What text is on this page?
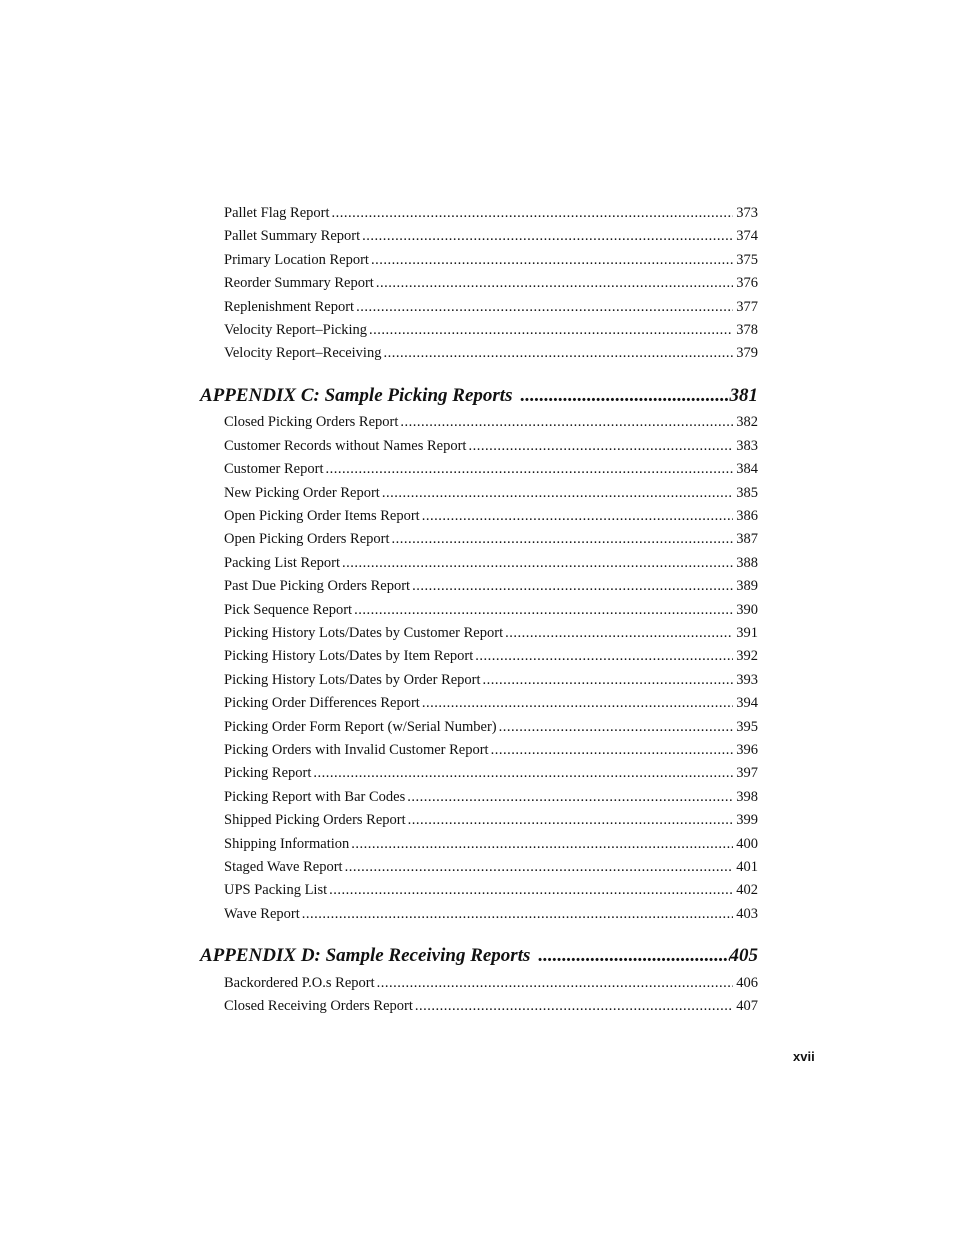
Pallet Flag Report .....	373
Pallet Summary Report .....	374
Primary Location Report .....	375
Reorder Summary Report .....	376
Replenishment Report .....	377
Velocity Report–Picking .....	378
Velocity Report–Receiving .....	379
APPENDIX C: Sample Picking Reports .....	381
Closed Picking Orders Report .....	382
Customer Records without Names Report .....	383
Customer Report .....	384
New Picking Order Report .....	385
Open Picking Order Items Report .....	386
Open Picking Orders Report .....	387
Packing List Report .....	388
Past Due Picking Orders Report .....	389
Pick Sequence Report .....	390
Picking History Lots/Dates by Customer Report .....	391
Picking History Lots/Dates by Item Report .....	392
Picking History Lots/Dates by Order Report .....	393
Picking Order Differences Report .....	394
Picking Order Form Report (w/Serial Number) .....	395
Picking Orders with Invalid Customer Report .....	396
Picking Report .....	397
Picking Report with Bar Codes .....	398
Shipped Picking Orders Report .....	399
Shipping Information .....	400
Staged Wave Report .....	401
UPS Packing List .....	402
Wave Report .....	403
APPENDIX D: Sample Receiving Reports .....	405
Backordered P.O.s Report .....	406
Closed Receiving Orders Report .....	407
xvii
